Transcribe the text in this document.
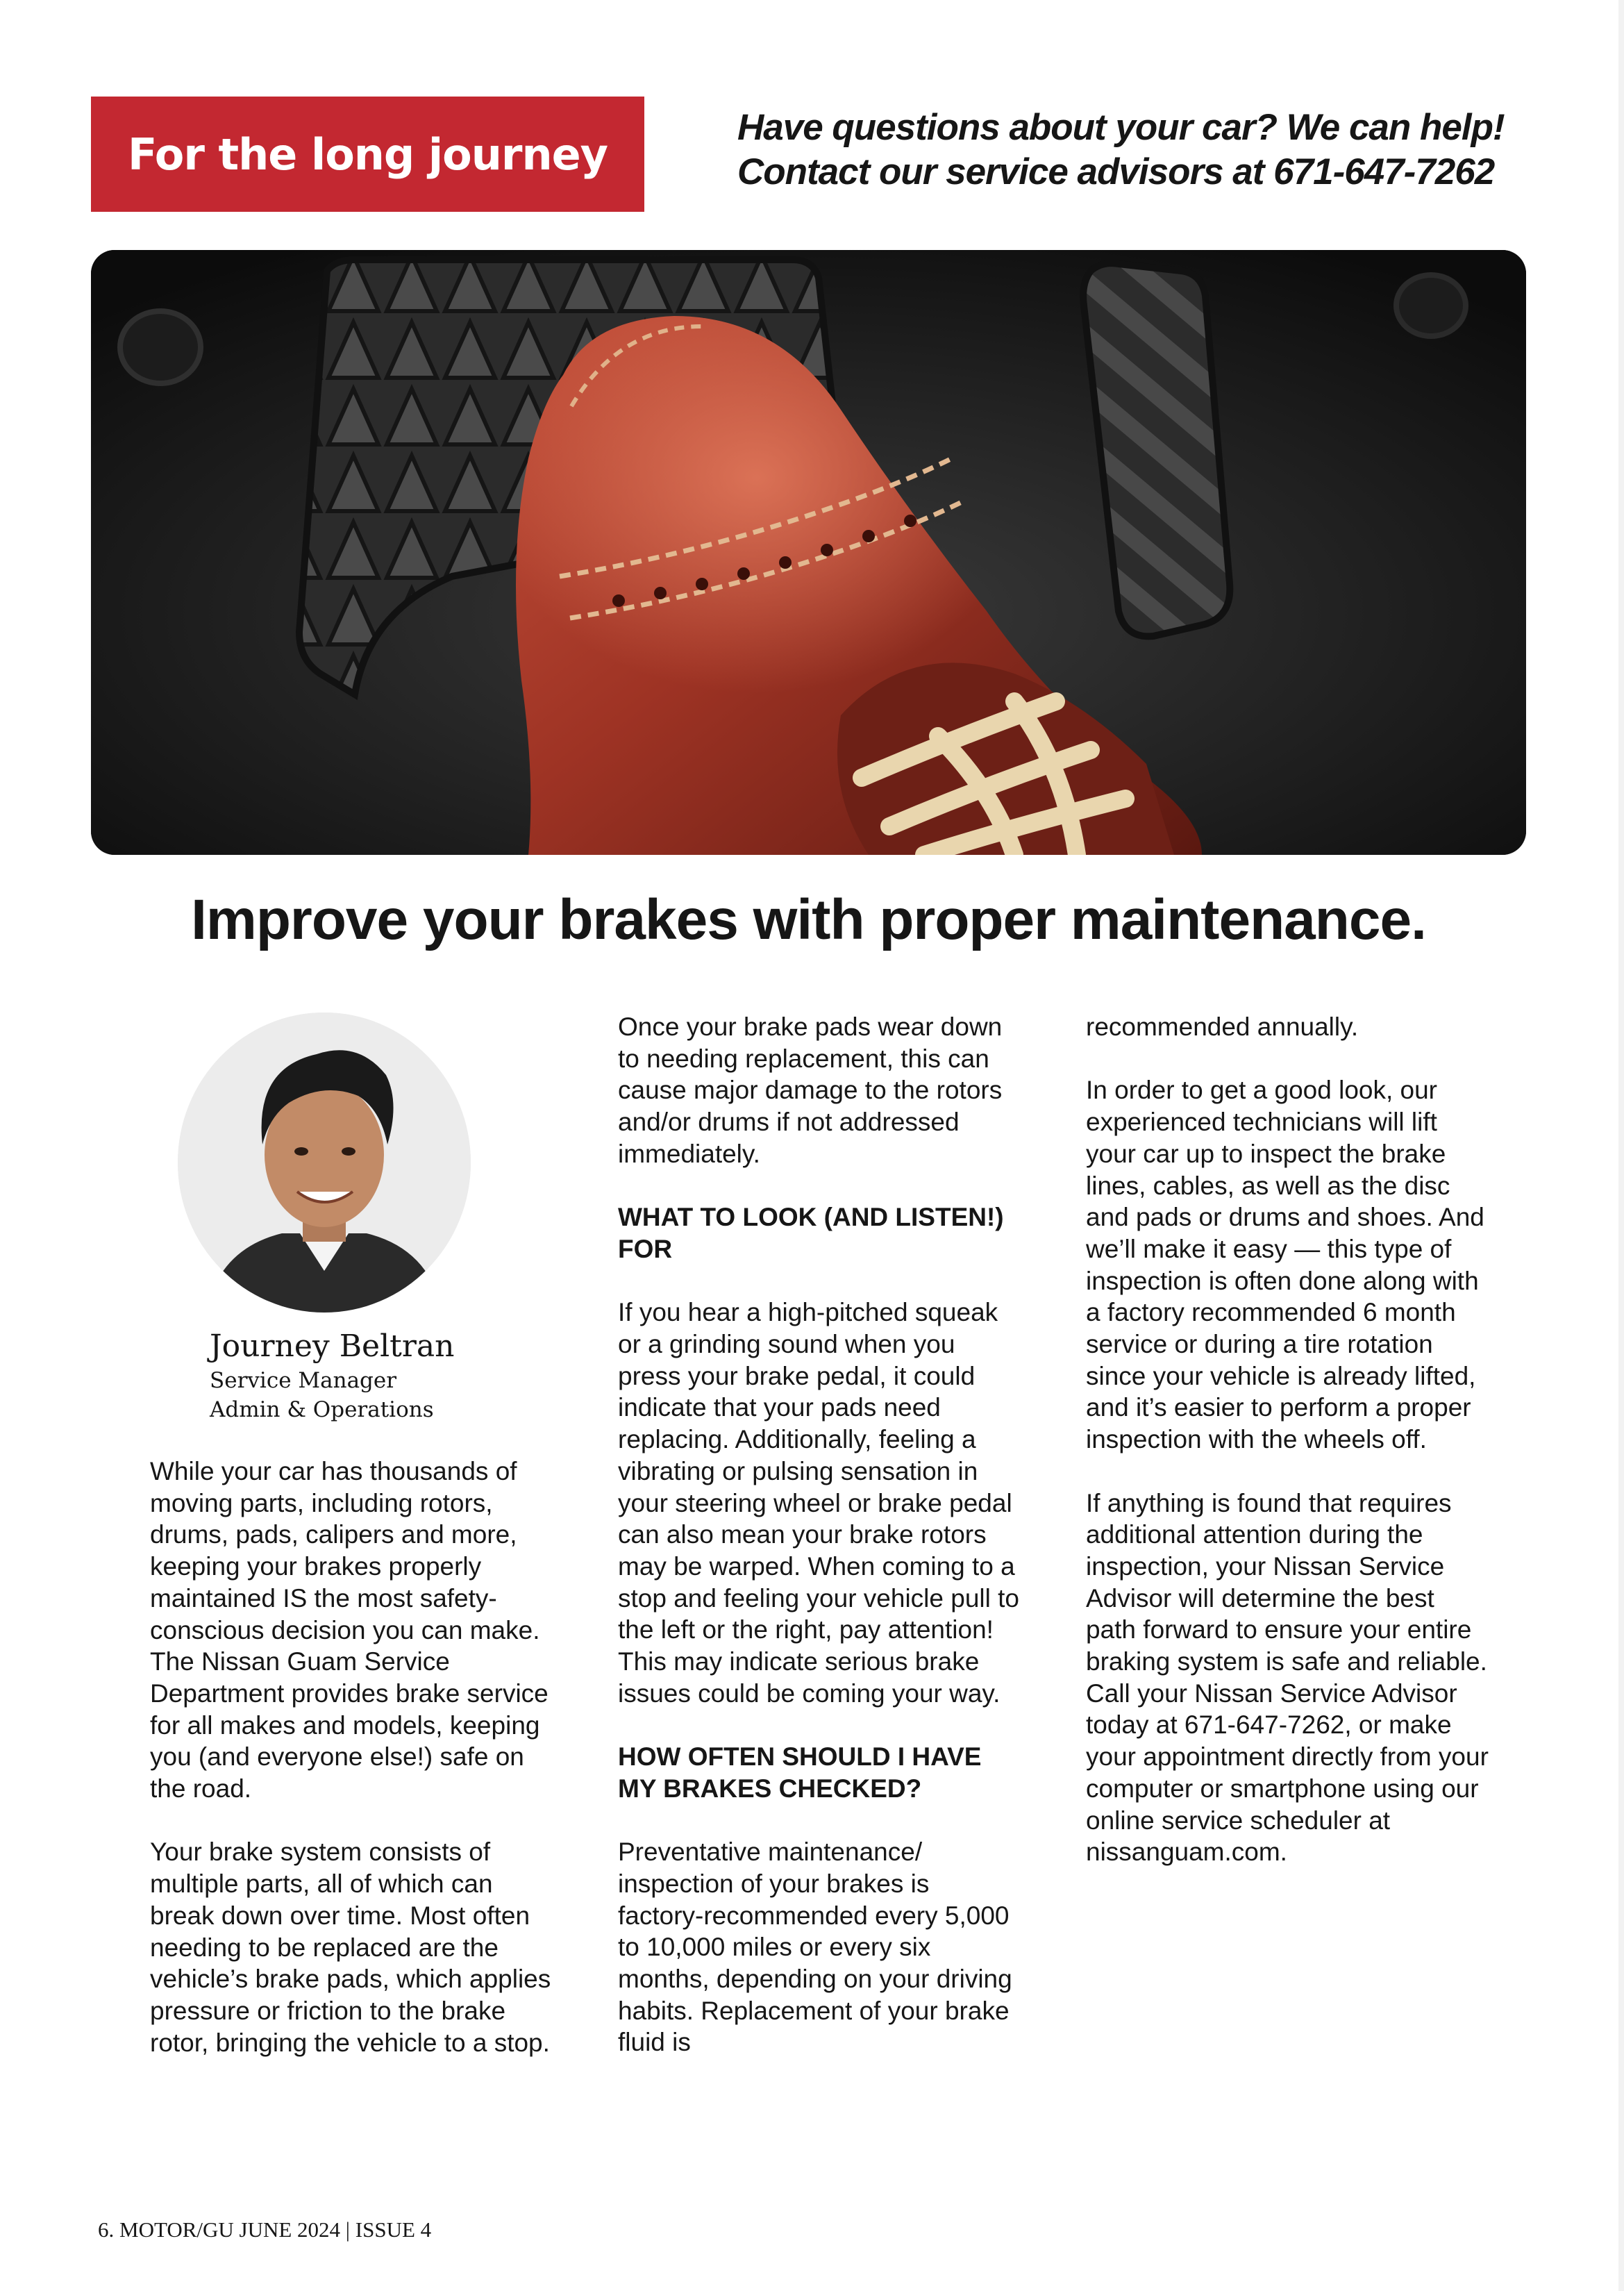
For the long journey
Have questions about your car? We can help!
Contact our service advisors at 671-647-7262
Improve your brakes with proper maintenance.
Journey Beltran
Service Manager
Admin & Operations

While your car has thousands of moving parts, including rotors, drums, pads, calipers and more, keeping your brakes properly maintained IS the most safety-conscious decision you can make. The Nissan Guam Service Department provides brake service for all makes and models, keeping you (and everyone else!) safe on the road.

Your brake system consists of multiple parts, all of which can break down over time. Most often needing to be replaced are the vehicle’s brake pads, which applies pressure or friction to the brake rotor, bringing the vehicle to a stop.

Once your brake pads wear down to needing replacement, this can cause major damage to the rotors and/or drums if not addressed immediately.

WHAT TO LOOK (AND LISTEN!) FOR

If you hear a high-pitched squeak or a grinding sound when you press your brake pedal, it could indicate that your pads need replacing. Additionally, feeling a vibrating or pulsing sensation in your steering wheel or brake pedal can also mean your brake rotors may be warped. When coming to a stop and feeling your vehicle pull to the left or the right, pay attention! This may indicate serious brake issues could be coming your way.

HOW OFTEN SHOULD I HAVE MY BRAKES CHECKED?

Preventative maintenance/ inspection of your brakes is factory-recommended every 5,000 to 10,000 miles or every six months, depending on your driving habits. Replacement of your brake fluid is

recommended annually.

In order to get a good look, our experienced technicians will lift your car up to inspect the brake lines, cables, as well as the disc and pads or drums and shoes. And we’ll make it easy — this type of inspection is often done along with a factory recommended 6 month service or during a tire rotation since your vehicle is already lifted, and it’s easier to perform a proper inspection with the wheels off.

If anything is found that requires additional attention during the inspection, your Nissan Service Advisor will determine the best path forward to ensure your entire braking system is safe and reliable. Call your Nissan Service Advisor today at 671-647-7262, or make your appointment directly from your computer or smartphone using our online service scheduler at nissanguam.com.

6. MOTOR/GU JUNE 2024 | ISSUE 4
